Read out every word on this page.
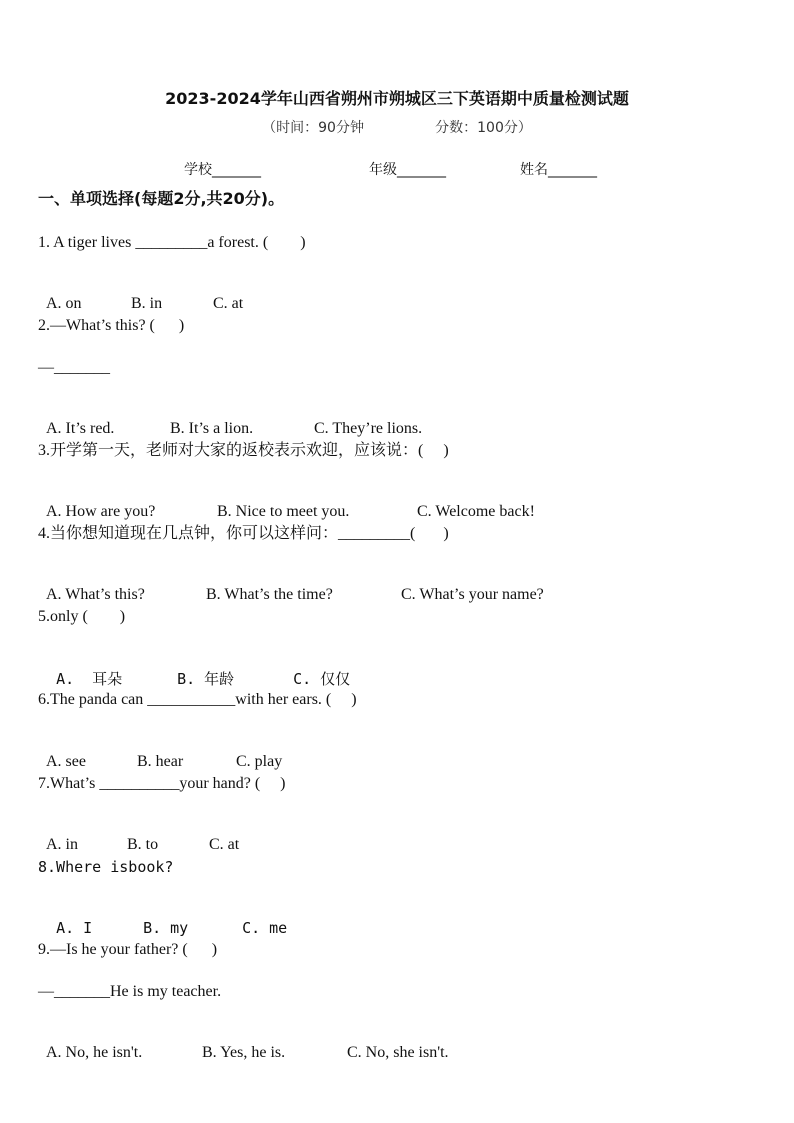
2023-2024学年山西省朔州市朔城区三下英语期中质量检测试题
（时间：90分钟                分数：100分）
学校_______	年级_______	姓名_______
一、单项选择(每题2分,共20分)。
1. A tiger lives _________a forest. (        )

A. on	B. in	C. at

2.—What’s this? (      )
—_______

A. It’s red.	B. It’s a lion.	C. They’re lions.

3.开学第一天，老师对大家的返校表示欢迎，应该说：(     )

A. How are you?	B. Nice to meet you.	C. Welcome back!

4.当你想知道现在几点钟，你可以这样问：_________(       )

A. What’s this?	B. What’s the time?	C. What’s your name?

5.only (        )

A.  耳朵	B. 年龄	C. 仅仅

6.The panda can ___________with her ears. (     )

A. see	B. hear	C. play

7.What’s __________your hand? (     )

A. in	B. to	C. at

8.Where isbook?

A. I	B. my	C. me

9.—Is he your father? (      )
—_______He is my teacher.

A. No, he isn't.	B. Yes, he is.	C. No, she isn't.
